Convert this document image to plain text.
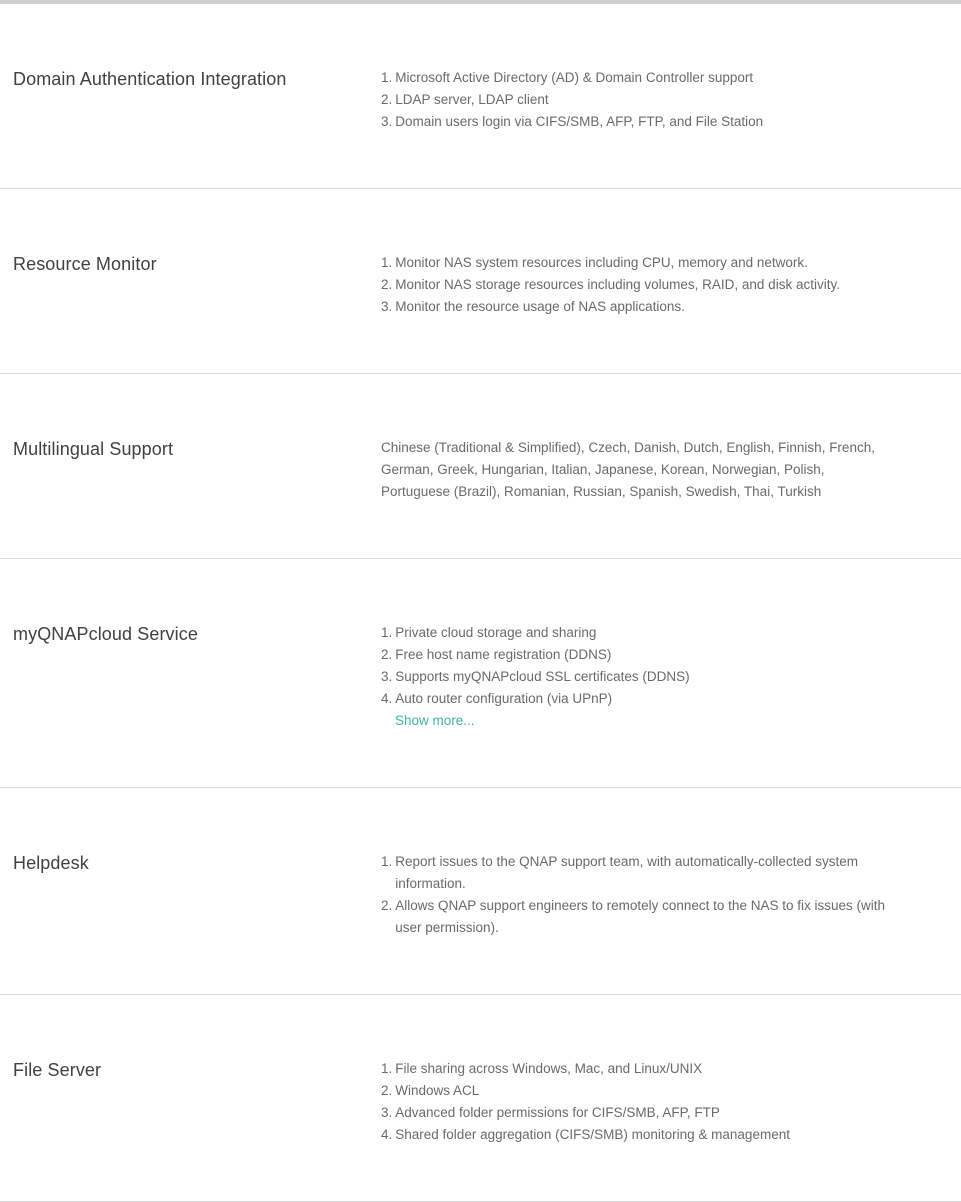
Domain Authentication Integration	1. Microsoft Active Directory (AD) & Domain Controller support
2. LDAP server, LDAP client
3. Domain users login via CIFS/SMB, AFP, FTP, and File Station
Resource Monitor	1. Monitor NAS system resources including CPU, memory and network.
2. Monitor NAS storage resources including volumes, RAID, and disk activity.
3. Monitor the resource usage of NAS applications.
Multilingual Support	Chinese (Traditional & Simplified), Czech, Danish, Dutch, English, Finnish, French, German, Greek, Hungarian, Italian, Japanese, Korean, Norwegian, Polish, Portuguese (Brazil), Romanian, Russian, Spanish, Swedish, Thai, Turkish

myQNAPcloud Service	1. Private cloud storage and sharing
2. Free host name registration (DDNS)
3. Supports myQNAPcloud SSL certificates (DDNS)
4. Auto router configuration (via UPnP)
Show more...
Helpdesk	1. Report issues to the QNAP support team, with automatically-collected system information.
2. Allows QNAP support engineers to remotely connect to the NAS to fix issues (with user permission).
File Server	1. File sharing across Windows, Mac, and Linux/UNIX
2. Windows ACL
3. Advanced folder permissions for CIFS/SMB, AFP, FTP
4. Shared folder aggregation (CIFS/SMB) monitoring & management
